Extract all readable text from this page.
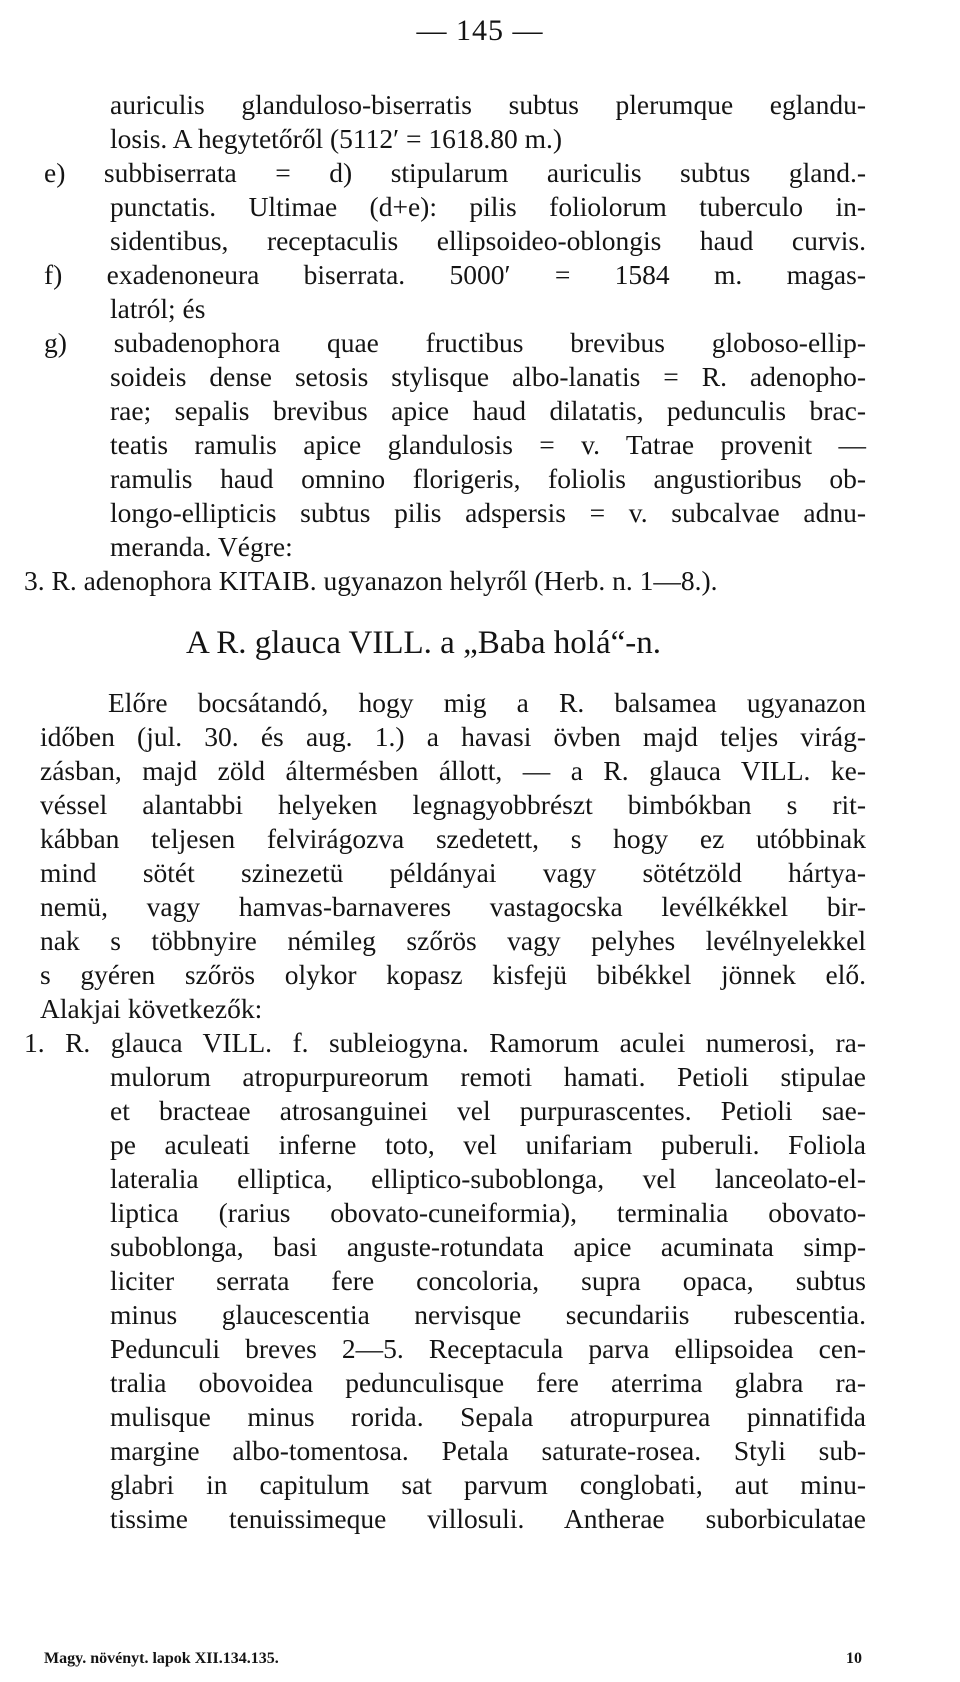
— 145 —
auriculis glanduloso-biserratis subtus plerumque eglandu-
losis. A hegytetőről (5112′ = 1618.80 m.)
e) subbiserrata = d) stipularum auriculis subtus gland.-
punctatis. Ultimae (d+e): pilis foliolorum tuberculo in-
sidentibus, receptaculis ellipsoideo-oblongis haud curvis.
f) exadenoneura biserrata. 5000′ = 1584 m. magas-
latról; és
g) subadenophora quae fructibus brevibus globoso-ellip-
soideis dense setosis stylisque albo-lanatis = R. adenopho-
rae; sepalis brevibus apice haud dilatatis, pedunculis brac-
teatis ramulis apice glandulosis = v. Tatrae provenit —
ramulis haud omnino florigeris, foliolis angustioribus ob-
longo-ellipticis subtus pilis adspersis = v. subcalvae adnu-
meranda. Végre:
3. R. adenophora KITAIB. ugyanazon helyről (Herb. n. 1—8.).
A R. glauca VILL. a „Baba holá“-n.
Előre bocsátandó, hogy mig a R. balsamea ugyanazon
időben (jul. 30. és aug. 1.) a havasi övben majd teljes virág-
zásban, majd zöld áltermésben állott, — a R. glauca VILL. ke-
véssel alantabbi helyeken legnagyobbrészt bimbókban s rit-
kábban teljesen felvirágozva szedetett, s hogy ez utóbbinak
mind sötét szinezetü példányai vagy sötétzöld hártya-
nemü, vagy hamvas-barnaveres vastagocska levélkékkel bir-
nak s többnyire némileg szőrös vagy pelyhes levélnyelekkel
s gyéren szőrös olykor kopasz kisfejü bibékkel jönnek elő.
Alakjai következők:
1. R. glauca VILL. f. subleiogyna. Ramorum aculei numerosi, ra-
mulorum atropurpureorum remoti hamati. Petioli stipulae
et bracteae atrosanguinei vel purpurascentes. Petioli sae-
pe aculeati inferne toto, vel unifariam puberuli. Foliola
lateralia elliptica, elliptico-suboblonga, vel lanceolato-el-
liptica (rarius obovato-cuneiformia), terminalia obovato-
suboblonga, basi anguste-rotundata apice acuminata simp-
liciter serrata fere concoloria, supra opaca, subtus
minus glaucescentia nervisque secundariis rubescentia.
Pedunculi breves 2—5. Receptacula parva ellipsoidea cen-
tralia obovoidea pedunculisque fere aterrima glabra ra-
mulisque minus rorida. Sepala atropurpurea pinnatifida
margine albo-tomentosa. Petala saturate-rosea. Styli sub-
glabri in capitulum sat parvum conglobati, aut minu-
tissime tenuissimeque villosuli. Antherae suborbiculatae
Magy. növényt. lapok XII.134.135.	10
